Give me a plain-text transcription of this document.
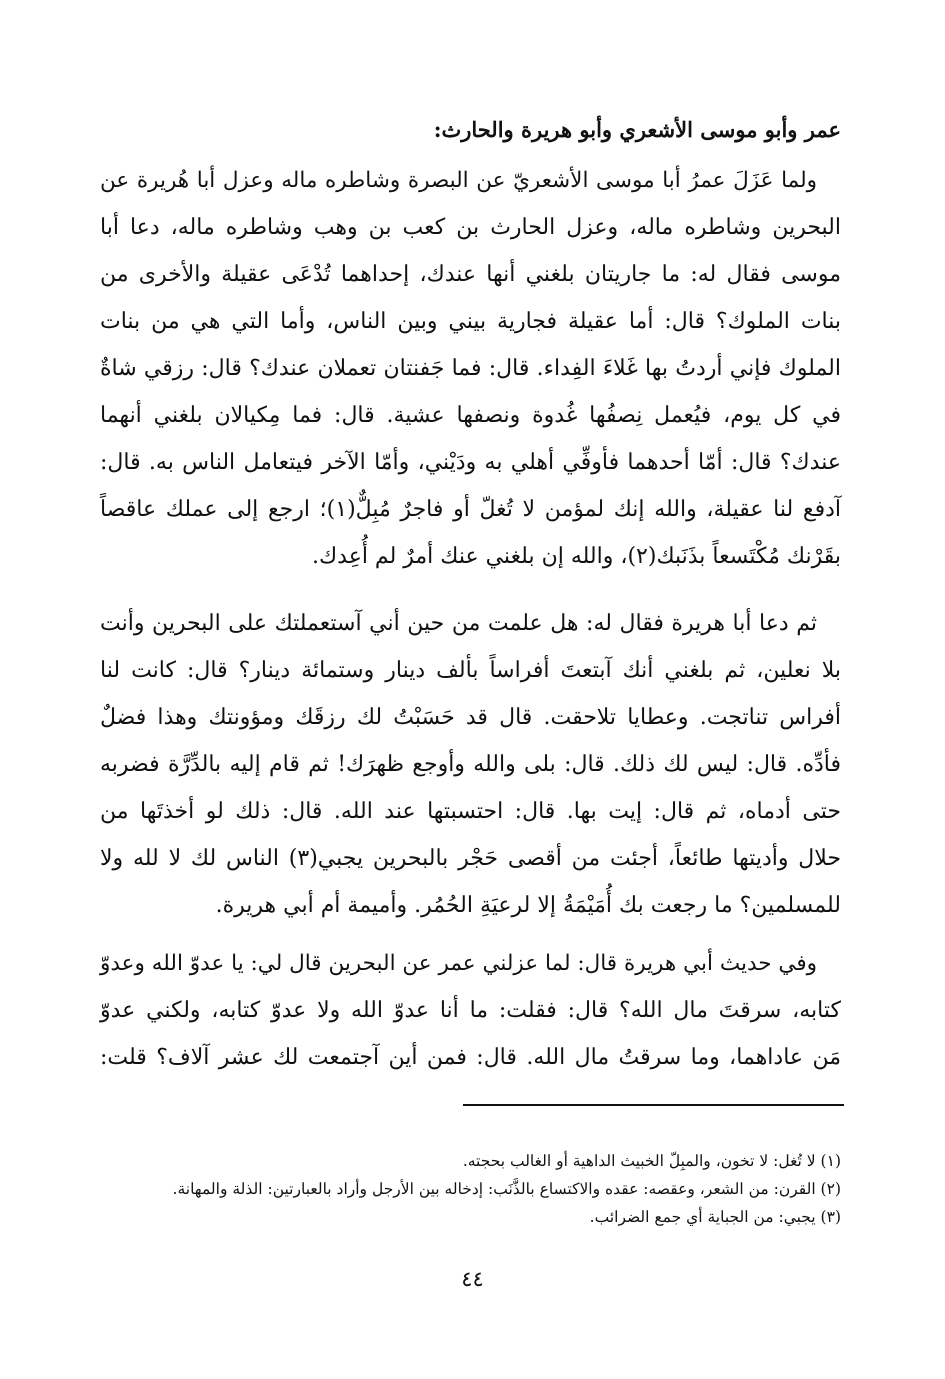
عمر وأبو موسى الأشعري وأبو هريرة والحارث:
ولما عَزَلَ عمرُ أبا موسى الأشعريّ عن البصرة وشاطره ماله وعزل أبا هُريرة عن
البحرين وشاطره ماله، وعزل الحارث بن كعب بن وهب وشاطره ماله، دعا أبا
موسى فقال له: ما جاريتان بلغني أنها عندك، إحداهما تُدْعَى عقيلة والأخرى من
بنات الملوك؟ قال: أما عقيلة فجارية بيني وبين الناس، وأما التي هي من بنات
الملوك فإني أردتُ بها غَلاءَ الفِداء. قال: فما جَفنتان تعملان عندك؟ قال: رزقي شاةٌ
في كل يوم، فيُعمل نِصفُها غُدوة ونصفها عشية. قال: فما مِكيالان بلغني أنهما
عندك؟ قال: أمّا أحدهما فأوفِّي أهلي به ودَيْني، وأمّا الآخر فيتعامل الناس به. قال:
آدفع لنا عقيلة، والله إنك لمؤمن لا تُغلّ أو فاجرٌ مُبِلٌّ(١)؛ ارجع إلى عملك عاقصاً
بقَرْنك مُكْتَسعاً بذَنَبك(٢)، والله إن بلغني عنك أمرٌ لم أُعِدك.
ثم دعا أبا هريرة فقال له: هل علمت من حين أني آستعملتك على البحرين وأنت
بلا نعلين، ثم بلغني أنك آبتعتَ أفراساً بألف دينار وستمائة دينار؟ قال: كانت لنا
أفراس تناتجت. وعطايا تلاحقت. قال قد حَسَبْتُ لك رزقَك ومؤونتك وهذا فضلٌ
فأدِّه. قال: ليس لك ذلك. قال: بلى والله وأوجع ظهرَك! ثم قام إليه بالدِّرَّة فضربه
حتى أدماه، ثم قال: إيت بها. قال: احتسبتها عند الله. قال: ذلك لو أخذتَها من
حلال وأديتها طائعاً، أجئت من أقصى حَجْر بالبحرين يجبي(٣) الناس لك لا لله ولا
للمسلمين؟ ما رجعت بك أُمَيْمَةُ إلا لرعيَةِ الحُمُر. وأميمة أم أبي هريرة.
وفي حديث أبي هريرة قال: لما عزلني عمر عن البحرين قال لي: يا عدوّ الله وعدوّ
كتابه، سرقتَ مال الله؟ قال: فقلت: ما أنا عدوّ الله ولا عدوّ كتابه، ولكني عدوّ
مَن عاداهما، وما سرقتُ مال الله. قال: فمن أين آجتمعت لك عشر آلاف؟ قلت:
(١) لا تُغل: لا تخون، والمبِلّ الخبيث الداهية أو الغالب بحجته.
(٢) القرن: من الشعر، وعقصه: عقده والاكتساع بالذَّنَب: إدخاله بين الأرجل وأراد بالعبارتين: الذلة والمهانة.
(٣) يجبي: من الجباية أي جمع الضرائب.
٤٤
